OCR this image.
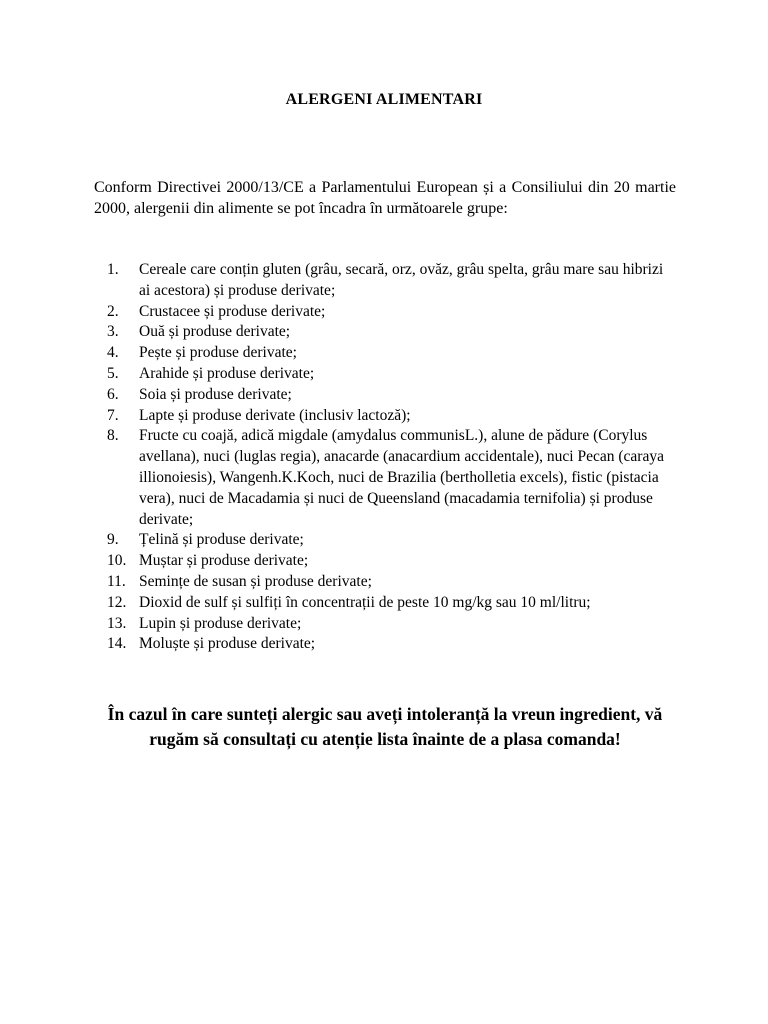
ALERGENI ALIMENTARI
Conform Directivei 2000/13/CE a Parlamentului European și a Consiliului din 20 martie 2000, alergenii din alimente se pot încadra în următoarele grupe:
1.	Cereale care conțin gluten (grâu, secară, orz, ovăz, grâu spelta, grâu mare sau hibrizi ai acestora) și produse derivate;
2.	Crustacee și produse derivate;
3.	Ouă și produse derivate;
4.	Pește și produse derivate;
5.	Arahide și produse derivate;
6.	Soia și produse derivate;
7.	Lapte și produse derivate (inclusiv lactoză);
8.	Fructe cu coajă, adică migdale (amydalus communisL.), alune de pădure (Corylus avellana), nuci (luglas regia), anacarde (anacardium accidentale), nuci Pecan (caraya illionoiesis), Wangenh.K.Koch, nuci de Brazilia (bertholletia excels), fistic (pistacia vera), nuci de Macadamia și nuci de Queensland (macadamia ternifolia) și produse derivate;
9.	Țelină și produse derivate;
10. Muștar și produse derivate;
11. Semințe de susan și produse derivate;
12. Dioxid de sulf și sulfiți în concentrații de peste 10 mg/kg sau 10 ml/litru;
13. Lupin și produse derivate;
14. Moluște și produse derivate;
În cazul în care sunteți alergic sau aveți intoleranță la vreun ingredient, vă rugăm să consultați cu atenție lista înainte de a plasa comanda!
